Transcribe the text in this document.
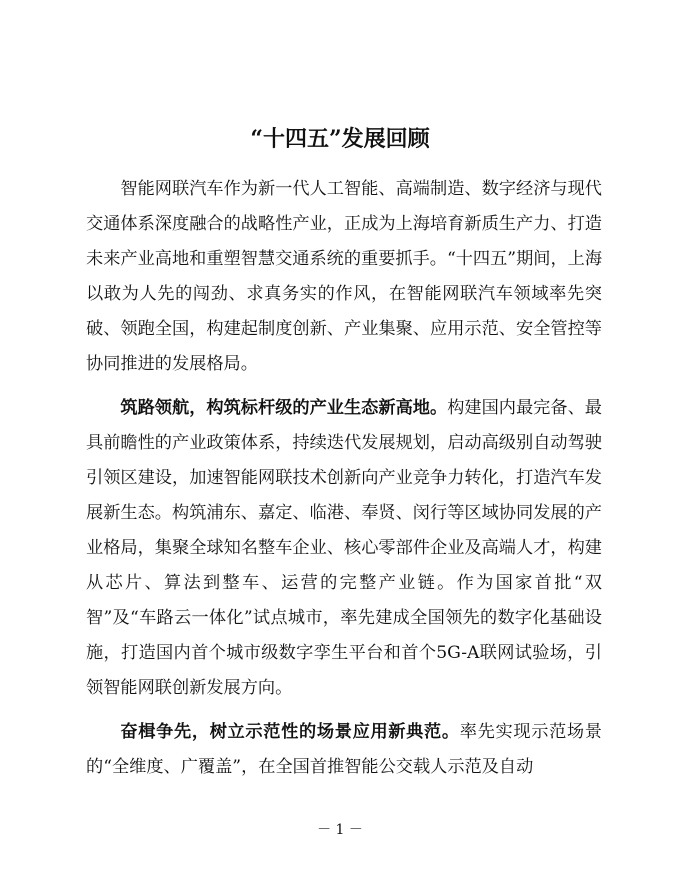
“十四五”发展回顾

智能网联汽车作为新一代人工智能、高端制造、数字经济与现代交通体系深度融合的战略性产业，正成为上海培育新质生产力、打造未来产业高地和重塑智慧交通系统的重要抓手。“十四五”期间，上海以敢为人先的闯劲、求真务实的作风，在智能网联汽车领域率先突破、领跑全国，构建起制度创新、产业集聚、应用示范、安全管控等协同推进的发展格局。

筑路领航，构筑标杆级的产业生态新高地。构建国内最完备、最具前瞻性的产业政策体系，持续迭代发展规划，启动高级别自动驾驶引领区建设，加速智能网联技术创新向产业竞争力转化，打造汽车发展新生态。构筑浦东、嘉定、临港、奉贤、闵行等区域协同发展的产业格局，集聚全球知名整车企业、核心零部件企业及高端人才，构建从芯片、算法到整车、运营的完整产业链。作为国家首批“双智”及“车路云一体化”试点城市，率先建成全国领先的数字化基础设施，打造国内首个城市级数字孪生平台和首个5G-A联网试验场，引领智能网联创新发展方向。

奋楫争先，树立示范性的场景应用新典范。率先实现示范场景的“全维度、广覆盖”，在全国首推智能公交载人示范及自动

－ 1 －
